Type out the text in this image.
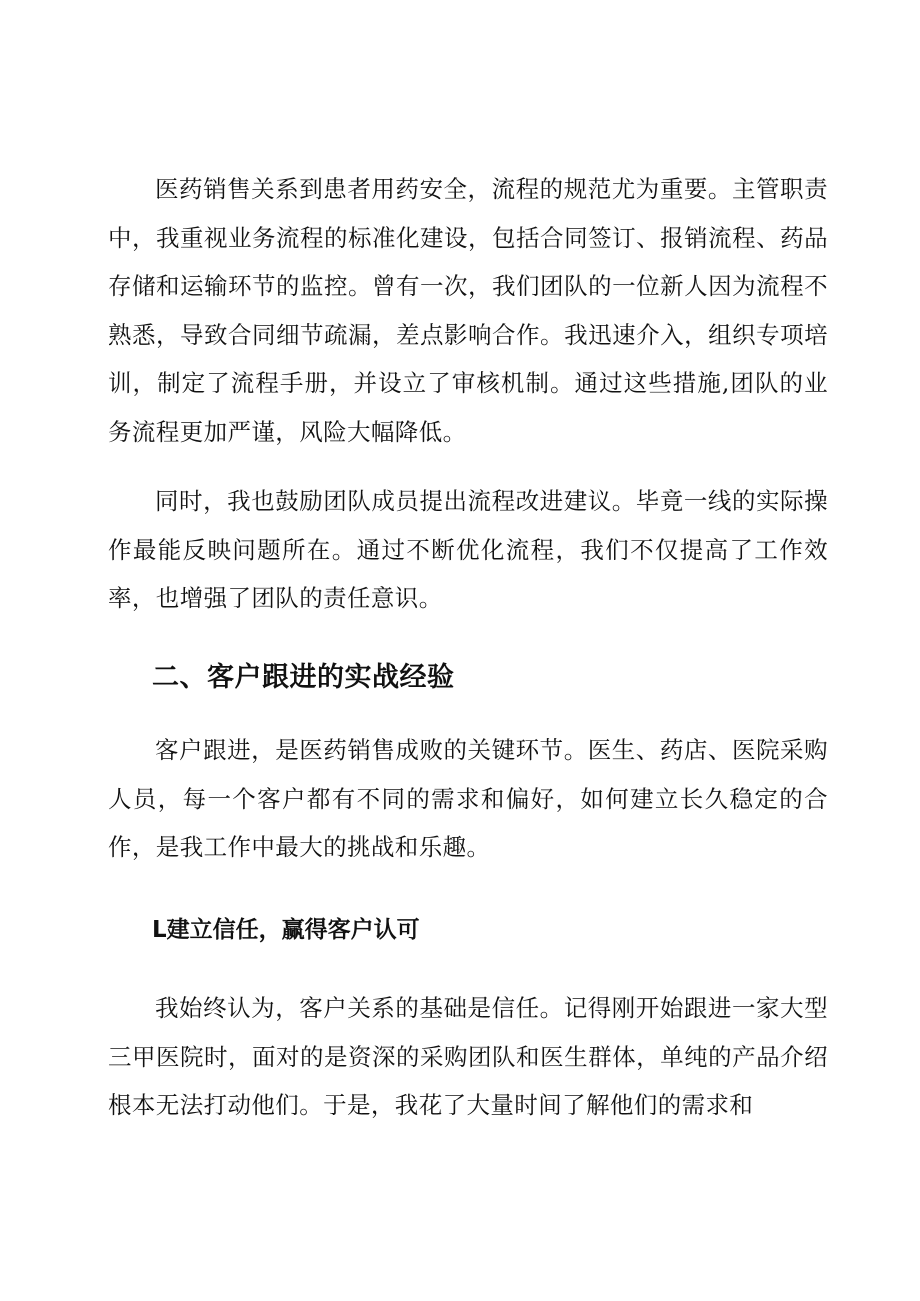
医药销售关系到患者用药安全，流程的规范尤为重要。主管职责中，我重视业务流程的标准化建设，包括合同签订、报销流程、药品存储和运输环节的监控。曾有一次，我们团队的一位新人因为流程不熟悉，导致合同细节疏漏，差点影响合作。我迅速介入，组织专项培训，制定了流程手册，并设立了审核机制。通过这些措施,团队的业务流程更加严谨，风险大幅降低。

同时，我也鼓励团队成员提出流程改进建议。毕竟一线的实际操作最能反映问题所在。通过不断优化流程，我们不仅提高了工作效率，也增强了团队的责任意识。

二、客户跟进的实战经验

客户跟进，是医药销售成败的关键环节。医生、药店、医院采购人员，每一个客户都有不同的需求和偏好，如何建立长久稳定的合作，是我工作中最大的挑战和乐趣。

L建立信任，赢得客户认可

我始终认为，客户关系的基础是信任。记得刚开始跟进一家大型三甲医院时，面对的是资深的采购团队和医生群体，单纯的产品介绍根本无法打动他们。于是，我花了大量时间了解他们的需求和
